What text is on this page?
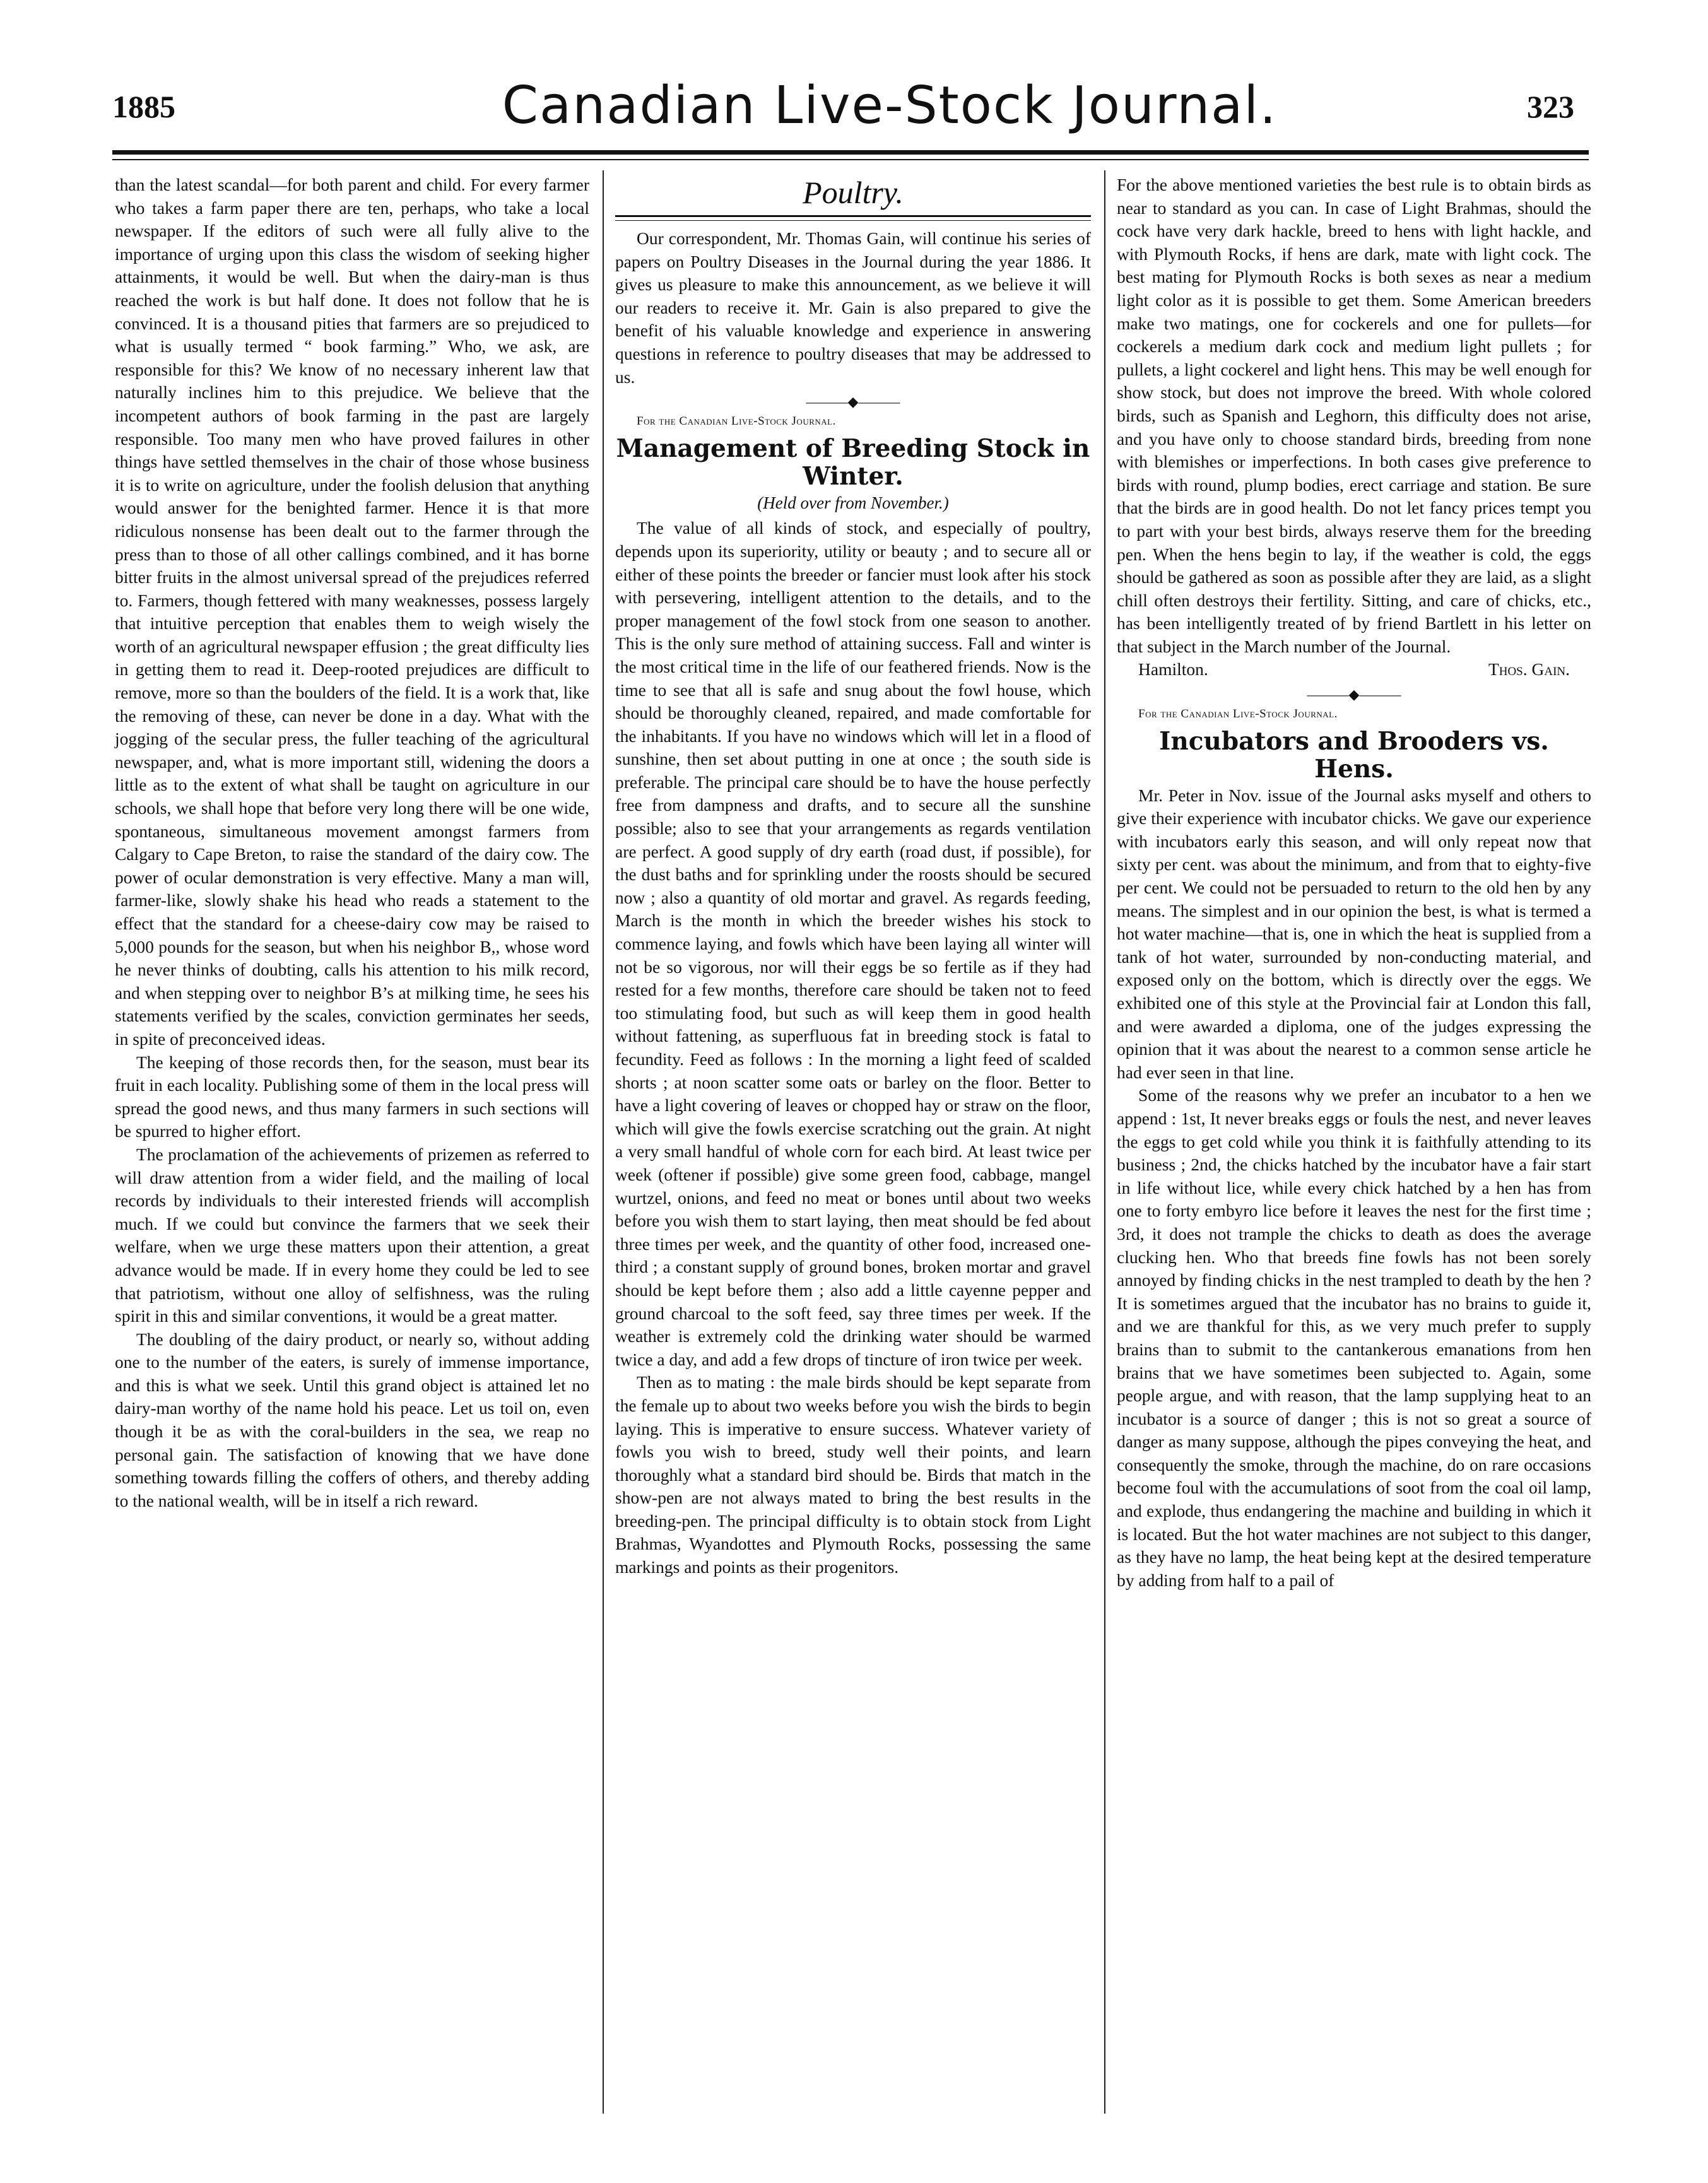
1885	Canadian Live-Stock Journal.	323

than the latest scandal—for both parent and child. For every farmer who takes a farm paper there are ten, perhaps, who take a local newspaper. If the editors of such were all fully alive to the importance of urging upon this class the wisdom of seeking higher attainments, it would be well. But when the dairy-man is thus reached the work is but half done. It does not follow that he is convinced. It is a thousand pities that farmers are so prejudiced to what is usually termed “ book farming.” Who, we ask, are responsible for this? We know of no necessary inherent law that naturally inclines him to this prejudice. We believe that the incompetent authors of book farming in the past are largely responsible. Too many men who have proved failures in other things have settled themselves in the chair of those whose business it is to write on agriculture, under the foolish delusion that anything would answer for the benighted farmer. Hence it is that more ridiculous nonsense has been dealt out to the farmer through the press than to those of all other callings combined, and it has borne bitter fruits in the almost universal spread of the prejudices referred to. Farmers, though fettered with many weaknesses, possess largely that intuitive perception that enables them to weigh wisely the worth of an agricultural newspaper effusion ; the great difficulty lies in getting them to read it. Deep-rooted prejudices are difficult to remove, more so than the boulders of the field. It is a work that, like the removing of these, can never be done in a day. What with the jogging of the secular press, the fuller teaching of the agricultural newspaper, and, what is more important still, widening the doors a little as to the extent of what shall be taught on agriculture in our schools, we shall hope that before very long there will be one wide, spontaneous, simultaneous movement amongst farmers from Calgary to Cape Breton, to raise the standard of the dairy cow. The power of ocular demonstration is very effective. Many a man will, farmer-like, slowly shake his head who reads a statement to the effect that the standard for a cheese-dairy cow may be raised to 5,000 pounds for the season, but when his neighbor B,, whose word he never thinks of doubting, calls his attention to his milk record, and when stepping over to neighbor B’s at milking time, he sees his statements verified by the scales, conviction germinates her seeds, in spite of preconceived ideas.

The keeping of those records then, for the season, must bear its fruit in each locality. Publishing some of them in the local press will spread the good news, and thus many farmers in such sections will be spurred to higher effort.

The proclamation of the achievements of prizemen as referred to will draw attention from a wider field, and the mailing of local records by individuals to their interested friends will accomplish much. If we could but convince the farmers that we seek their welfare, when we urge these matters upon their attention, a great advance would be made. If in every home they could be led to see that patriotism, without one alloy of selfishness, was the ruling spirit in this and similar conventions, it would be a great matter.

The doubling of the dairy product, or nearly so, without adding one to the number of the eaters, is surely of immense importance, and this is what we seek. Until this grand object is attained let no dairy-man worthy of the name hold his peace. Let us toil on, even though it be as with the coral-builders in the sea, we reap no personal gain. The satisfaction of knowing that we have done something towards filling the coffers of others, and thereby adding to the national wealth, will be in itself a rich reward.

Poultry.

Our correspondent, Mr. Thomas Gain, will continue his series of papers on Poultry Diseases in the Journal during the year 1886. It gives us pleasure to make this announcement, as we believe it will our readers to receive it. Mr. Gain is also prepared to give the benefit of his valuable knowledge and experience in answering questions in reference to poultry diseases that may be addressed to us.

———◆———

For the Canadian Live-Stock Journal.

Management of Breeding Stock in Winter.
(Held over from November.)

The value of all kinds of stock, and especially of poultry, depends upon its superiority, utility or beauty ; and to secure all or either of these points the breeder or fancier must look after his stock with persevering, intelligent attention to the details, and to the proper management of the fowl stock from one season to another. This is the only sure method of attaining success. Fall and winter is the most critical time in the life of our feathered friends. Now is the time to see that all is safe and snug about the fowl house, which should be thoroughly cleaned, repaired, and made comfortable for the inhabitants. If you have no windows which will let in a flood of sunshine, then set about putting in one at once ; the south side is preferable. The principal care should be to have the house perfectly free from dampness and drafts, and to secure all the sunshine possible; also to see that your arrangements as regards ventilation are perfect. A good supply of dry earth (road dust, if possible), for the dust baths and for sprinkling under the roosts should be secured now ; also a quantity of old mortar and gravel. As regards feeding, March is the month in which the breeder wishes his stock to commence laying, and fowls which have been laying all winter will not be so vigorous, nor will their eggs be so fertile as if they had rested for a few months, therefore care should be taken not to feed too stimulating food, but such as will keep them in good health without fattening, as superfluous fat in breeding stock is fatal to fecundity. Feed as follows : In the morning a light feed of scalded shorts ; at noon scatter some oats or barley on the floor. Better to have a light covering of leaves or chopped hay or straw on the floor, which will give the fowls exercise scratching out the grain. At night a very small handful of whole corn for each bird. At least twice per week (oftener if possible) give some green food, cabbage, mangel wurtzel, onions, and feed no meat or bones until about two weeks before you wish them to start laying, then meat should be fed about three times per week, and the quantity of other food, increased one-third ; a constant supply of ground bones, broken mortar and gravel should be kept before them ; also add a little cayenne pepper and ground charcoal to the soft feed, say three times per week. If the weather is extremely cold the drinking water should be warmed twice a day, and add a few drops of tincture of iron twice per week.

Then as to mating : the male birds should be kept separate from the female up to about two weeks before you wish the birds to begin laying. This is imperative to ensure success. Whatever variety of fowls you wish to breed, study well their points, and learn thoroughly what a standard bird should be. Birds that match in the show-pen are not always mated to bring the best results in the breeding-pen. The principal difficulty is to obtain stock from Light Brahmas, Wyandottes and Plymouth Rocks, possessing the same markings and points as their progenitors.

For the above mentioned varieties the best rule is to obtain birds as near to standard as you can. In case of Light Brahmas, should the cock have very dark hackle, breed to hens with light hackle, and with Plymouth Rocks, if hens are dark, mate with light cock. The best mating for Plymouth Rocks is both sexes as near a medium light color as it is possible to get them. Some American breeders make two matings, one for cockerels and one for pullets—for cockerels a medium dark cock and medium light pullets ; for pullets, a light cockerel and light hens. This may be well enough for show stock, but does not improve the breed. With whole colored birds, such as Spanish and Leghorn, this difficulty does not arise, and you have only to choose standard birds, breeding from none with blemishes or imperfections. In both cases give preference to birds with round, plump bodies, erect carriage and station. Be sure that the birds are in good health. Do not let fancy prices tempt you to part with your best birds, always reserve them for the breeding pen. When the hens begin to lay, if the weather is cold, the eggs should be gathered as soon as possible after they are laid, as a slight chill often destroys their fertility. Sitting, and care of chicks, etc., has been intelligently treated of by friend Bartlett in his letter on that subject in the March number of the Journal.

Hamilton.	Thos. Gain.
———◆———

For the Canadian Live-Stock Journal.

Incubators and Brooders vs. Hens.

Mr. Peter in Nov. issue of the Journal asks myself and others to give their experience with incubator chicks. We gave our experience with incubators early this season, and will only repeat now that sixty per cent. was about the minimum, and from that to eighty-five per cent. We could not be persuaded to return to the old hen by any means. The simplest and in our opinion the best, is what is termed a hot water machine—that is, one in which the heat is supplied from a tank of hot water, surrounded by non-conducting material, and exposed only on the bottom, which is directly over the eggs. We exhibited one of this style at the Provincial fair at London this fall, and were awarded a diploma, one of the judges expressing the opinion that it was about the nearest to a common sense article he had ever seen in that line.

Some of the reasons why we prefer an incubator to a hen we append : 1st, It never breaks eggs or fouls the nest, and never leaves the eggs to get cold while you think it is faithfully attending to its business ; 2nd, the chicks hatched by the incubator have a fair start in life without lice, while every chick hatched by a hen has from one to forty embyro lice before it leaves the nest for the first time ; 3rd, it does not trample the chicks to death as does the average clucking hen. Who that breeds fine fowls has not been sorely annoyed by finding chicks in the nest trampled to death by the hen ? It is sometimes argued that the incubator has no brains to guide it, and we are thankful for this, as we very much prefer to supply brains than to submit to the cantankerous emanations from hen brains that we have sometimes been subjected to. Again, some people argue, and with reason, that the lamp supplying heat to an incubator is a source of danger ; this is not so great a source of danger as many suppose, although the pipes conveying the heat, and consequently the smoke, through the machine, do on rare occasions become foul with the accumulations of soot from the coal oil lamp, and explode, thus endangering the machine and building in which it is located. But the hot water machines are not subject to this danger, as they have no lamp, the heat being kept at the desired temperature by adding from half to a pail of
